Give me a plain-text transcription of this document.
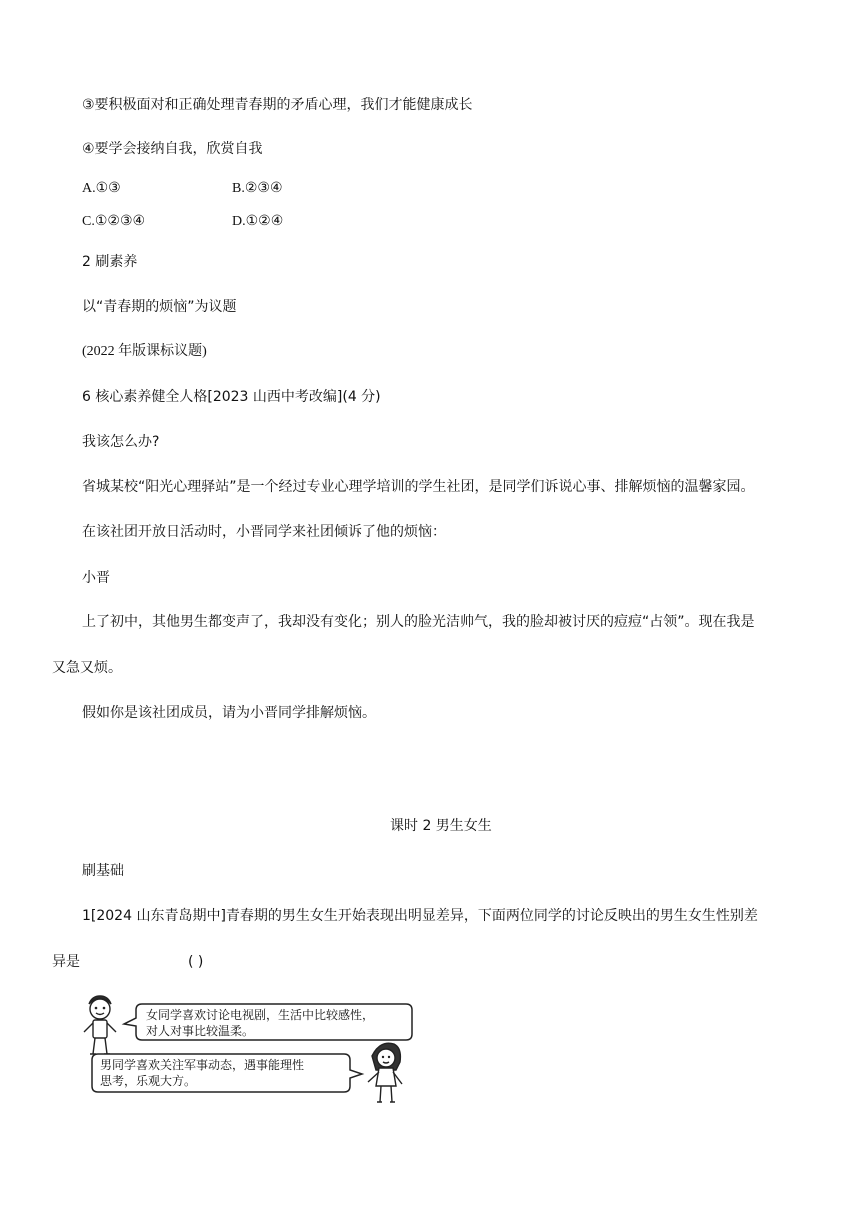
③要积极面对和正确处理青春期的矛盾心理，我们才能健康成长
④要学会接纳自我，欣赏自我
A.①③	B.②③④
C.①②③④	D.①②④
2 刷素养
以“青春期的烦恼”为议题
(2022 年版课标议题)
6 核心素养健全人格[2023 山西中考改编](4 分)
我该怎么办?
省城某校“阳光心理驿站”是一个经过专业心理学培训的学生社团，是同学们诉说心事、排解烦恼的温馨家园。
在该社团开放日活动时，小晋同学来社团倾诉了他的烦恼：
小晋
上了初中，其他男生都变声了，我却没有变化；别人的脸光洁帅气，我的脸却被讨厌的痘痘“占领”。现在我是
又急又烦。
假如你是该社团成员，请为小晋同学排解烦恼。
课时 2 男生女生
刷基础
1[2024 山东青岛期中]青春期的男生女生开始表现出明显差异，下面两位同学的讨论反映出的男生女生性别差
异是	( )
女同学喜欢讨论电视剧，生活中比较感性，
对人对事比较温柔。
男同学喜欢关注军事动态，遇事能理性
思考，乐观大方。
